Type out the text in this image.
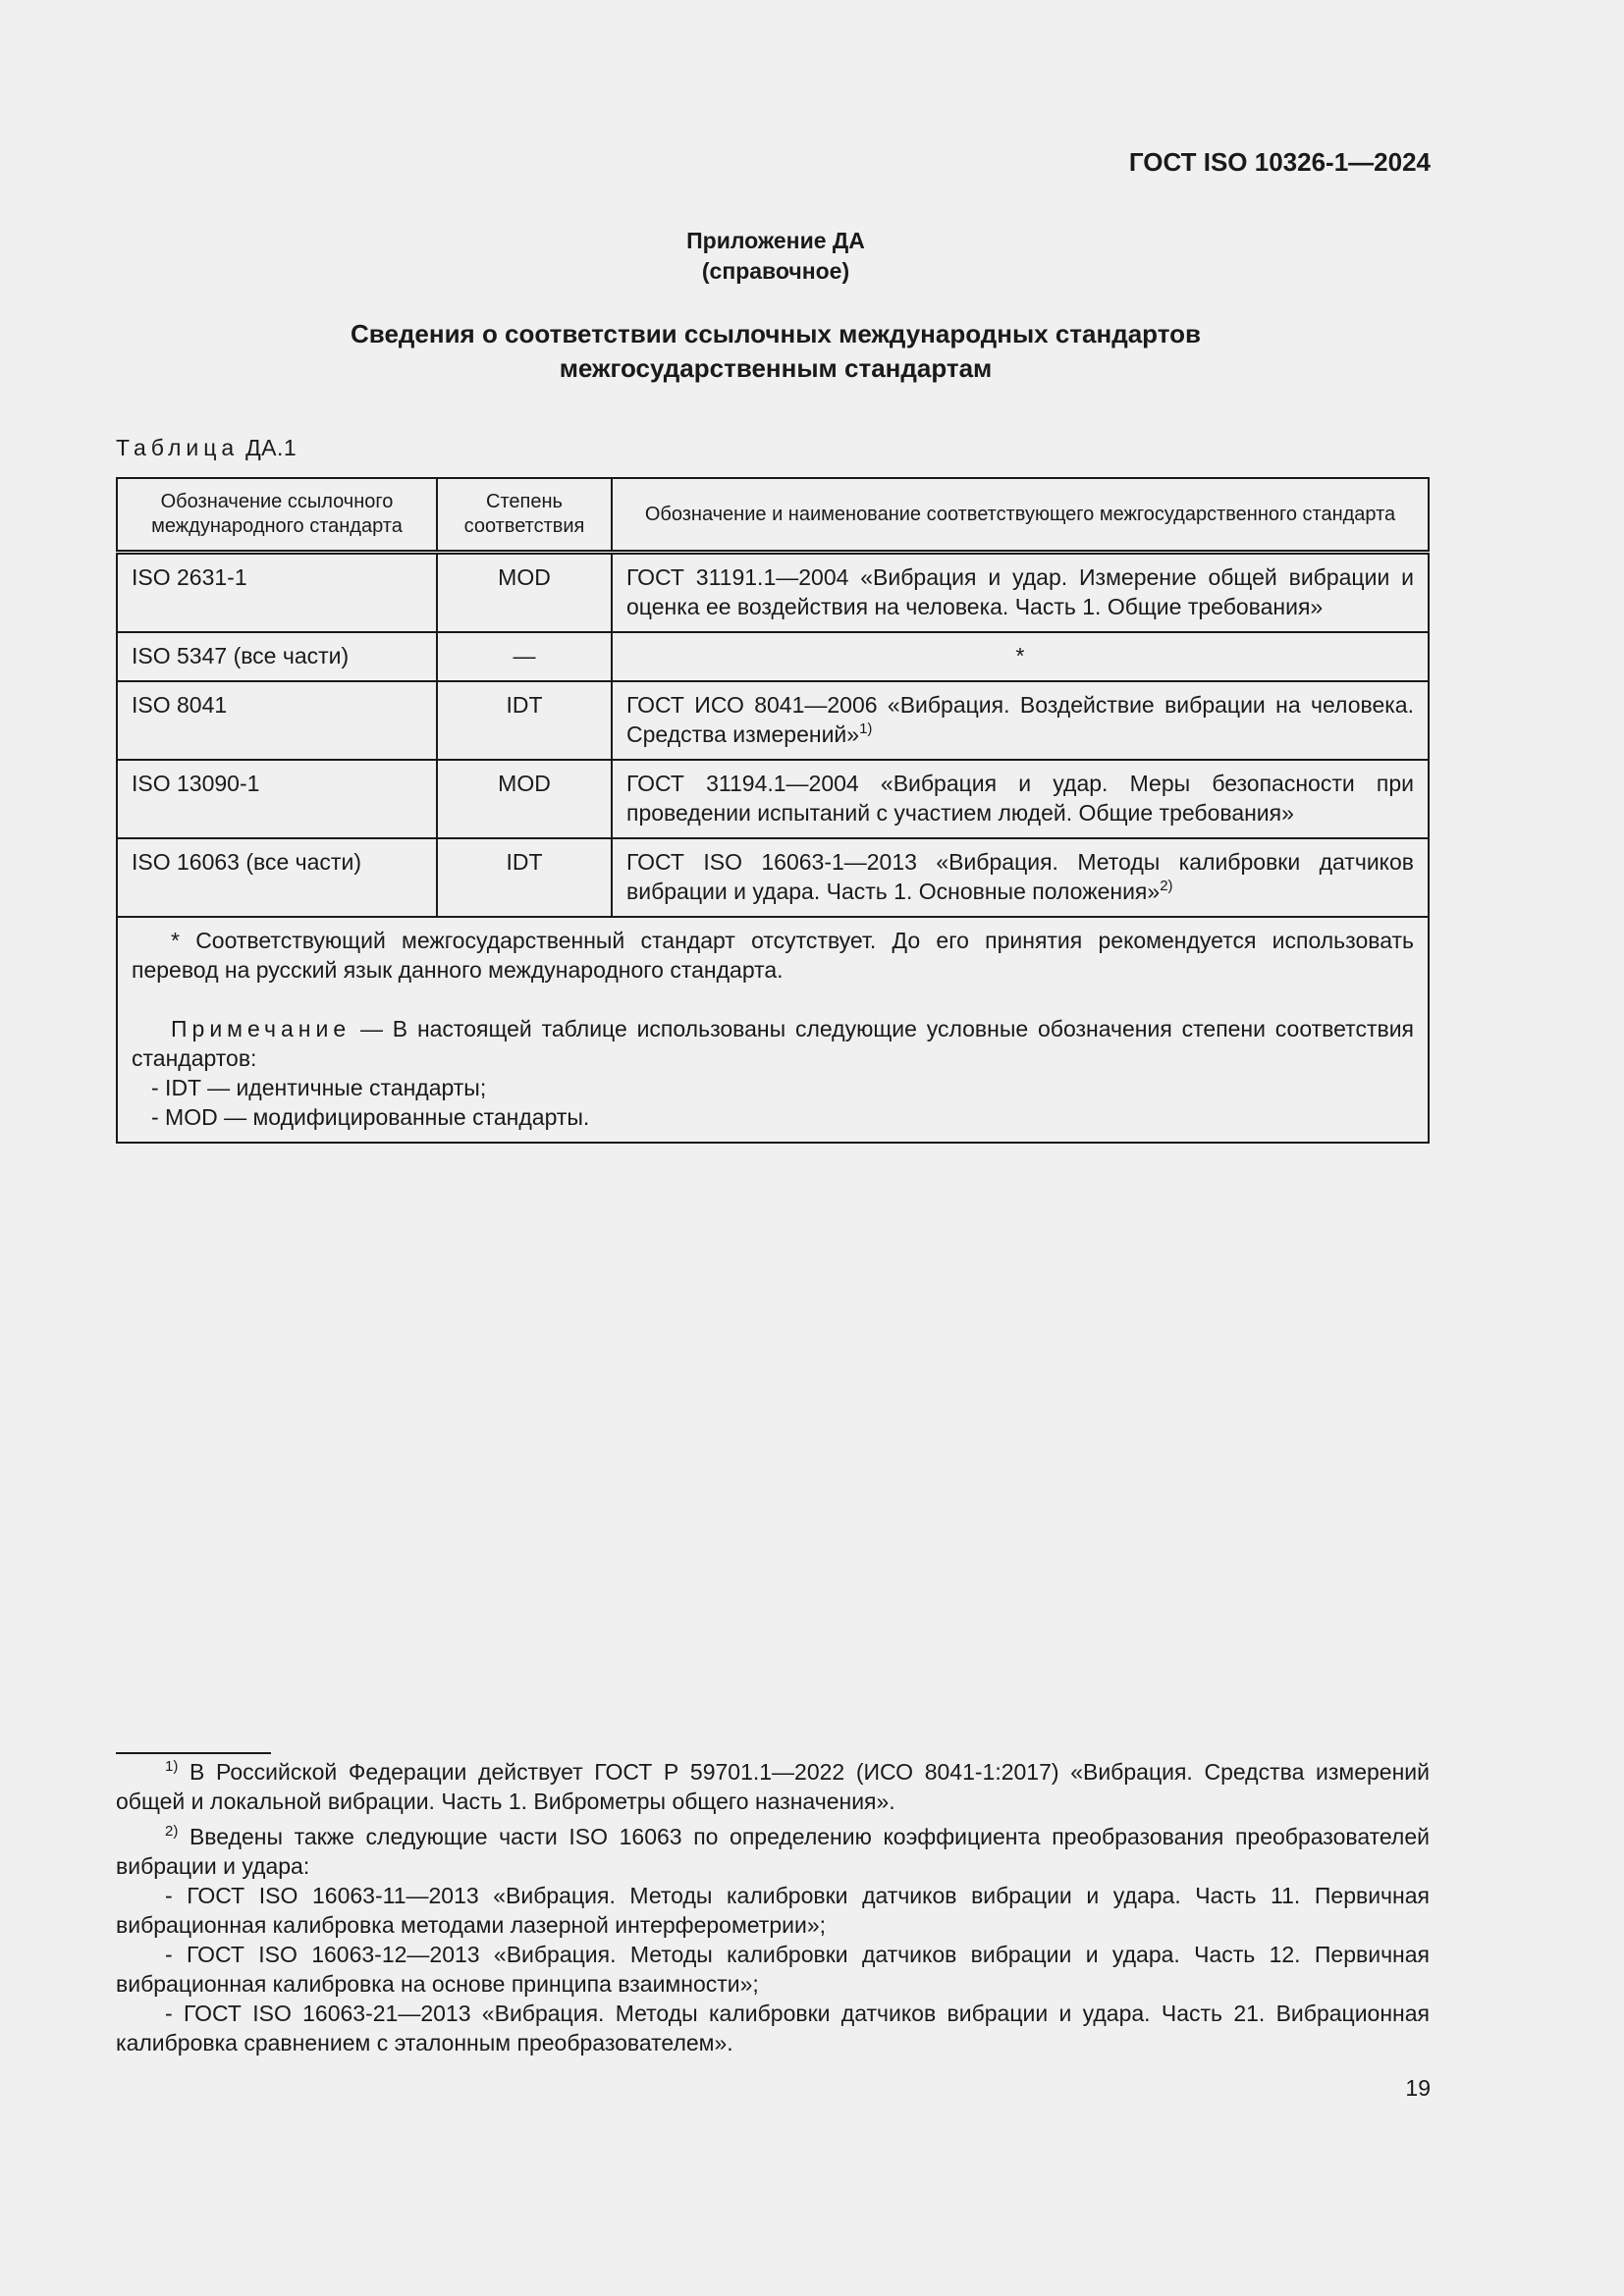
ГОСТ ISO 10326-1—2024
Приложение ДА
(справочное)
Сведения о соответствии ссылочных международных стандартов
межгосударственным стандартам
Таблица ДА.1
Обозначение ссылочного международного стандарта	Степень соответствия	Обозначение и наименование соответствующего межгосударственного стандарта
ISO 2631-1	MOD	ГОСТ 31191.1—2004 «Вибрация и удар. Измерение общей вибрации и оценка ее воздействия на человека. Часть 1. Общие требования»
ISO 5347 (все части)	—	*
ISO 8041	IDT	ГОСТ ИСО 8041—2006 «Вибрация. Воздействие вибрации на человека. Средства измерений»$^{1)}$
ISO 13090-1	MOD	ГОСТ 31194.1—2004 «Вибрация и удар. Меры безопасности при проведении испытаний с участием людей. Общие требования»
ISO 16063 (все части)	IDT	ГОСТ ISO 16063-1—2013 «Вибрация. Методы калибровки датчиков вибрации и удара. Часть 1. Основные положения»$^{2)}$

* Соответствующий межгосударственный стандарт отсутствует. До его принятия рекомендуется использовать перевод на русский язык данного международного стандарта.

Примечание — В настоящей таблице использованы следующие условные обозначения степени соответствия стандартов:

- IDT — идентичные стандарты;

- MOD — модифицированные стандарты.		

$^{1)}$ В Российской Федерации действует ГОСТ Р 59701.1—2022 (ИСО 8041-1:2017) «Вибрация. Средства измерений общей и локальной вибрации. Часть 1. Виброметры общего назначения».

$^{2)}$ Введены также следующие части ISO 16063 по определению коэффициента преобразования преобразователей вибрации и удара:

- ГОСТ ISO 16063-11—2013 «Вибрация. Методы калибровки датчиков вибрации и удара. Часть 11. Первичная вибрационная калибровка методами лазерной интерферометрии»;

- ГОСТ ISO 16063-12—2013 «Вибрация. Методы калибровки датчиков вибрации и удара. Часть 12. Первичная вибрационная калибровка на основе принципа взаимности»;

- ГОСТ ISO 16063-21—2013 «Вибрация. Методы калибровки датчиков вибрации и удара. Часть 21. Вибрационная калибровка сравнением с эталонным преобразователем».

19
